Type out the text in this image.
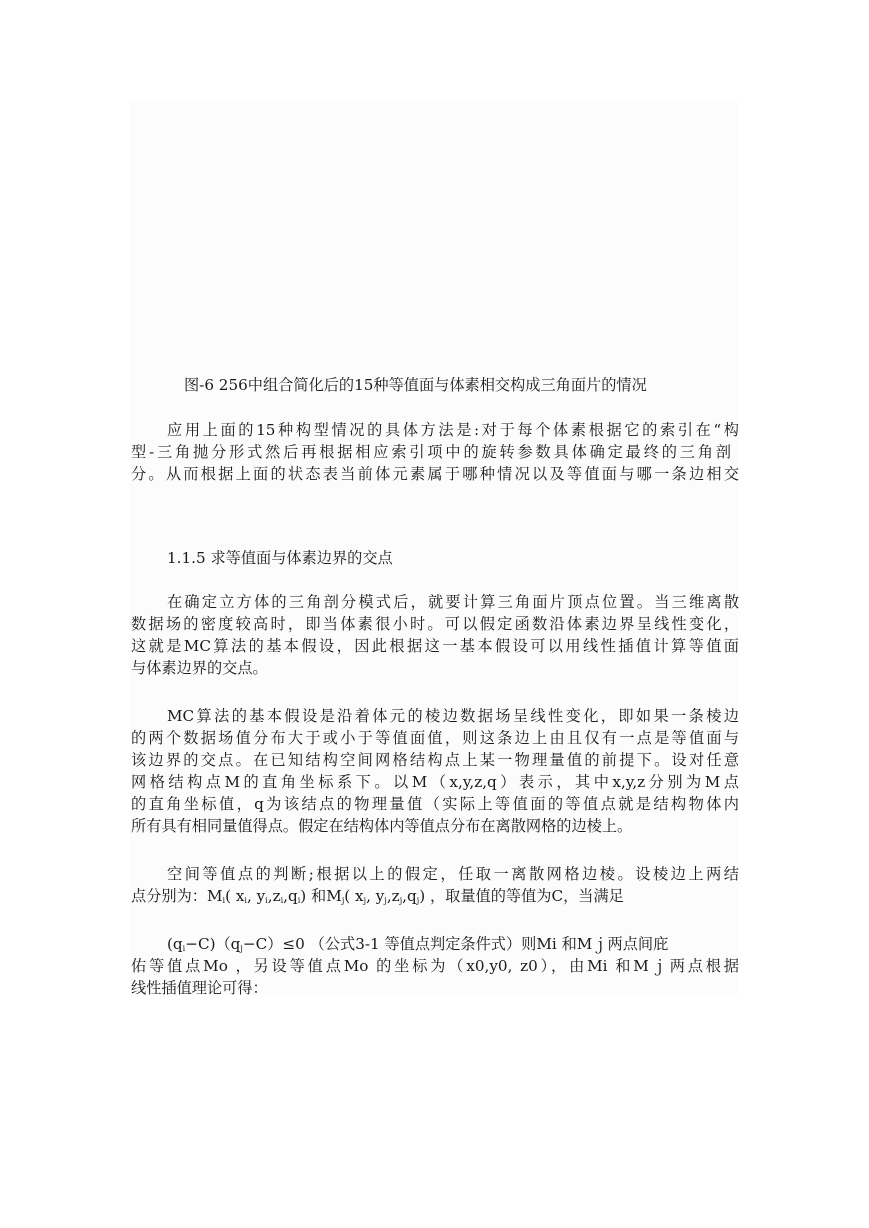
图-6 256中组合简化后的15种等值面与体素相交构成三角面片的情况
应用上面的15种构型情况的具体方法是:对于每个体素根据它的索引在“构
型-三角抛分形式然后再根据相应索引项中的旋转参数具体确定最终的三角剖
分。从而根据上面的状态表当前体元素属于哪种情况以及等值面与哪一条边相交
1.1.5 求等值面与体素边界的交点
在确定立方体的三角剖分模式后，就要计算三角面片顶点位置。当三维离散
数据场的密度较高时，即当体素很小时。可以假定函数沿体素边界呈线性变化，
这就是MC算法的基本假设，因此根据这一基本假设可以用线性插值计算等值面
与体素边界的交点。
MC算法的基本假设是沿着体元的棱边数据场呈线性变化，即如果一条棱边
的两个数据场值分布大于或小于等值面值，则这条边上由且仅有一点是等值面与
该边界的交点。在已知结构空间网格结构点上某一物理量值的前提下。设对任意
网格结构点M的直角坐标系下。以M（x,y,z,q）表示，其中x,y,z分别为M点
的直角坐标值，q为该结点的物理量值（实际上等值面的等值点就是结构物体内
所有具有相同量值得点。假定在结构体内等值点分布在离散网格的边棱上。
空间等值点的判断;根据以上的假定，任取一离散网格边棱。设棱边上两结
点分别为：$M_i$( $x_i$, $y_i,z_i,q_i$) 和$M_j$( $x_j$, $y_j,z_j,q_j$) ，取量值的等值为C，当满足
$(q_i-C)(q_j-C)\le 0$ （公式3-1 等值点判定条件式）则Mi 和Mｊ两点间庇
佑等值点Mo ，另设等值点Mo 的坐标为（x0,y0, z0），由Mi 和Mｊ两点根据
线性插值理论可得：
